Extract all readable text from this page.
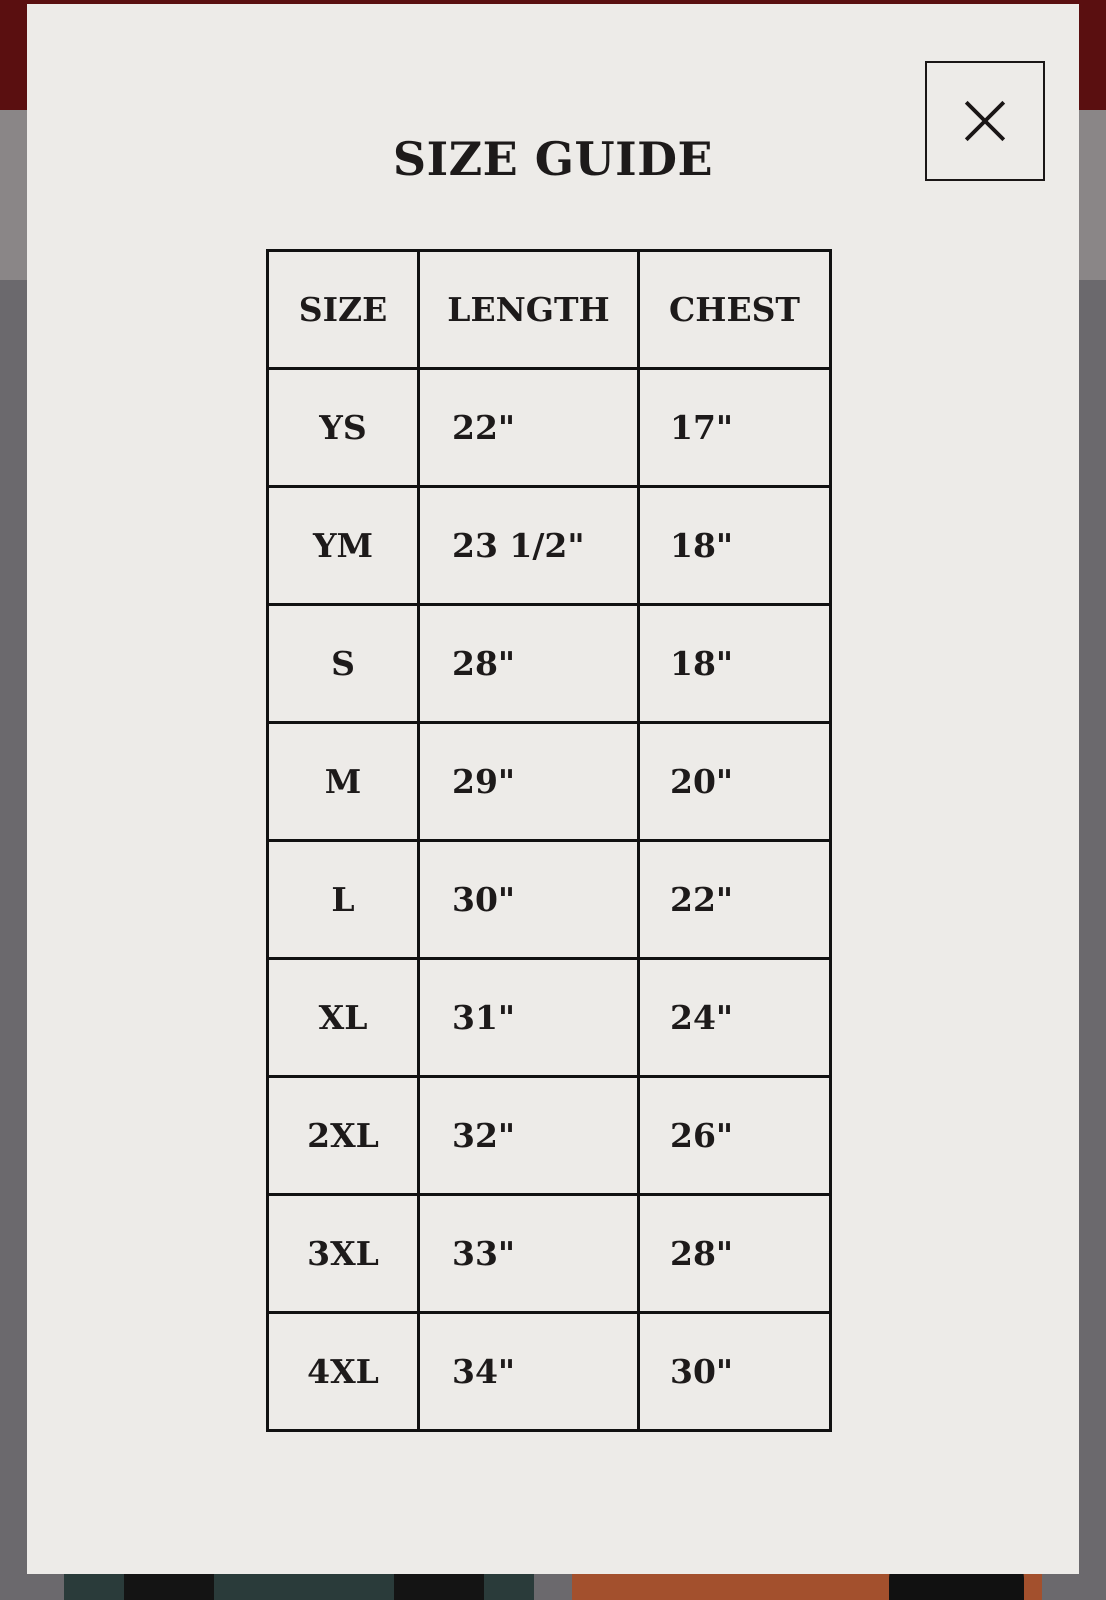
SIZE GUIDE
SIZE	LENGTH	CHEST
YS	22"	17"
YM	23 1/2"	18"
S	28"	18"
M	29"	20"
L	30"	22"
XL	31"	24"
2XL	32"	26"
3XL	33"	28"
4XL	34"	30"
